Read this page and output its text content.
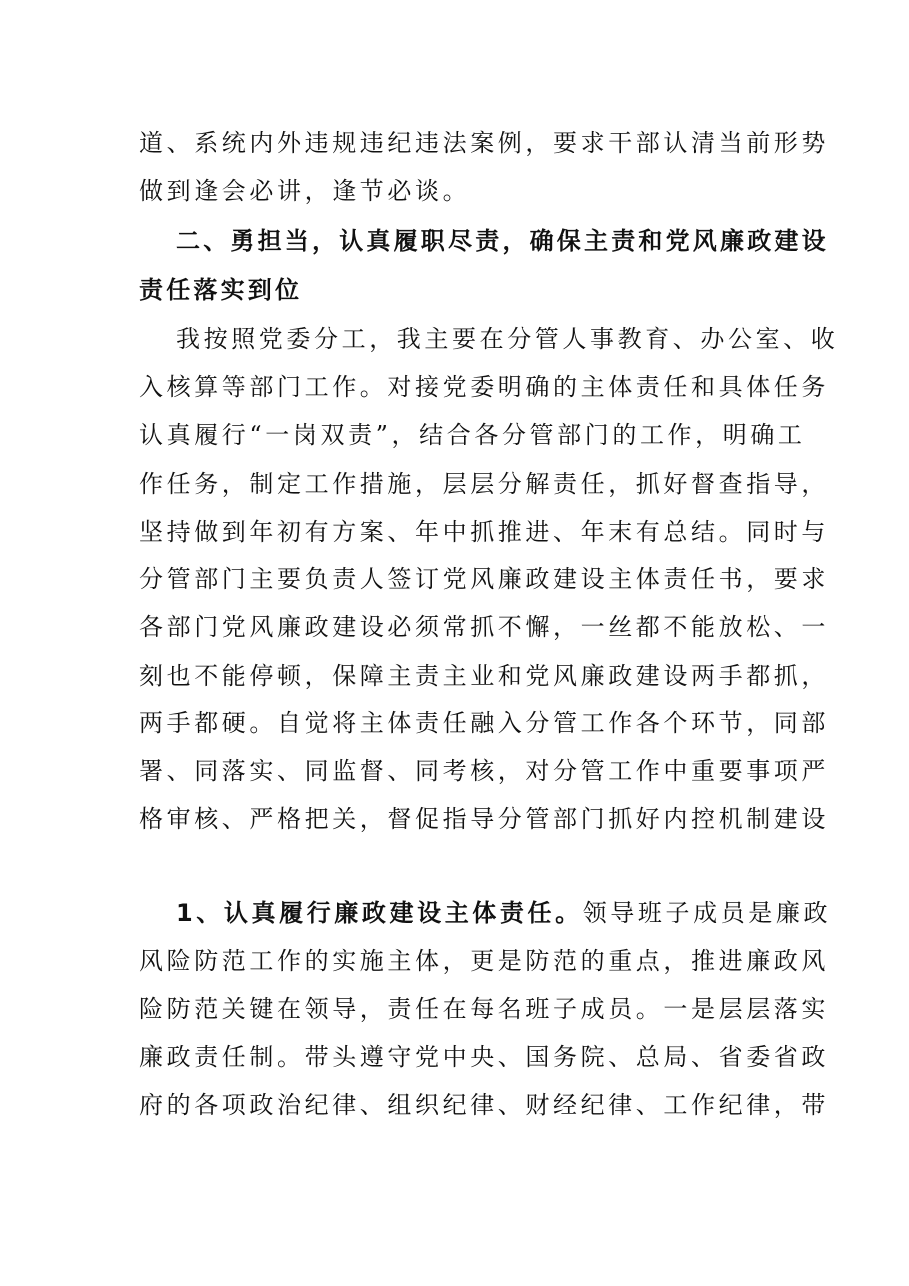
道、系统内外违规违纪违法案例，要求干部认清当前形势
做到逢会必讲，逢节必谈。
二、勇担当，认真履职尽责，确保主责和党风廉政建设
责任落实到位
我按照党委分工，我主要在分管人事教育、办公室、收
入核算等部门工作。对接党委明确的主体责任和具体任务
认真履行“一岗双责”，结合各分管部门的工作，明确工
作任务，制定工作措施，层层分解责任，抓好督查指导，
坚持做到年初有方案、年中抓推进、年末有总结。同时与
分管部门主要负责人签订党风廉政建设主体责任书，要求
各部门党风廉政建设必须常抓不懈，一丝都不能放松、一
刻也不能停顿，保障主责主业和党风廉政建设两手都抓，
两手都硬。自觉将主体责任融入分管工作各个环节，同部
署、同落实、同监督、同考核，对分管工作中重要事项严
格审核、严格把关，督促指导分管部门抓好内控机制建设
1、认真履行廉政建设主体责任。领导班子成员是廉政
风险防范工作的实施主体，更是防范的重点，推进廉政风
险防范关键在领导，责任在每名班子成员。一是层层落实
廉政责任制。带头遵守党中央、国务院、总局、省委省政
府的各项政治纪律、组织纪律、财经纪律、工作纪律，带
